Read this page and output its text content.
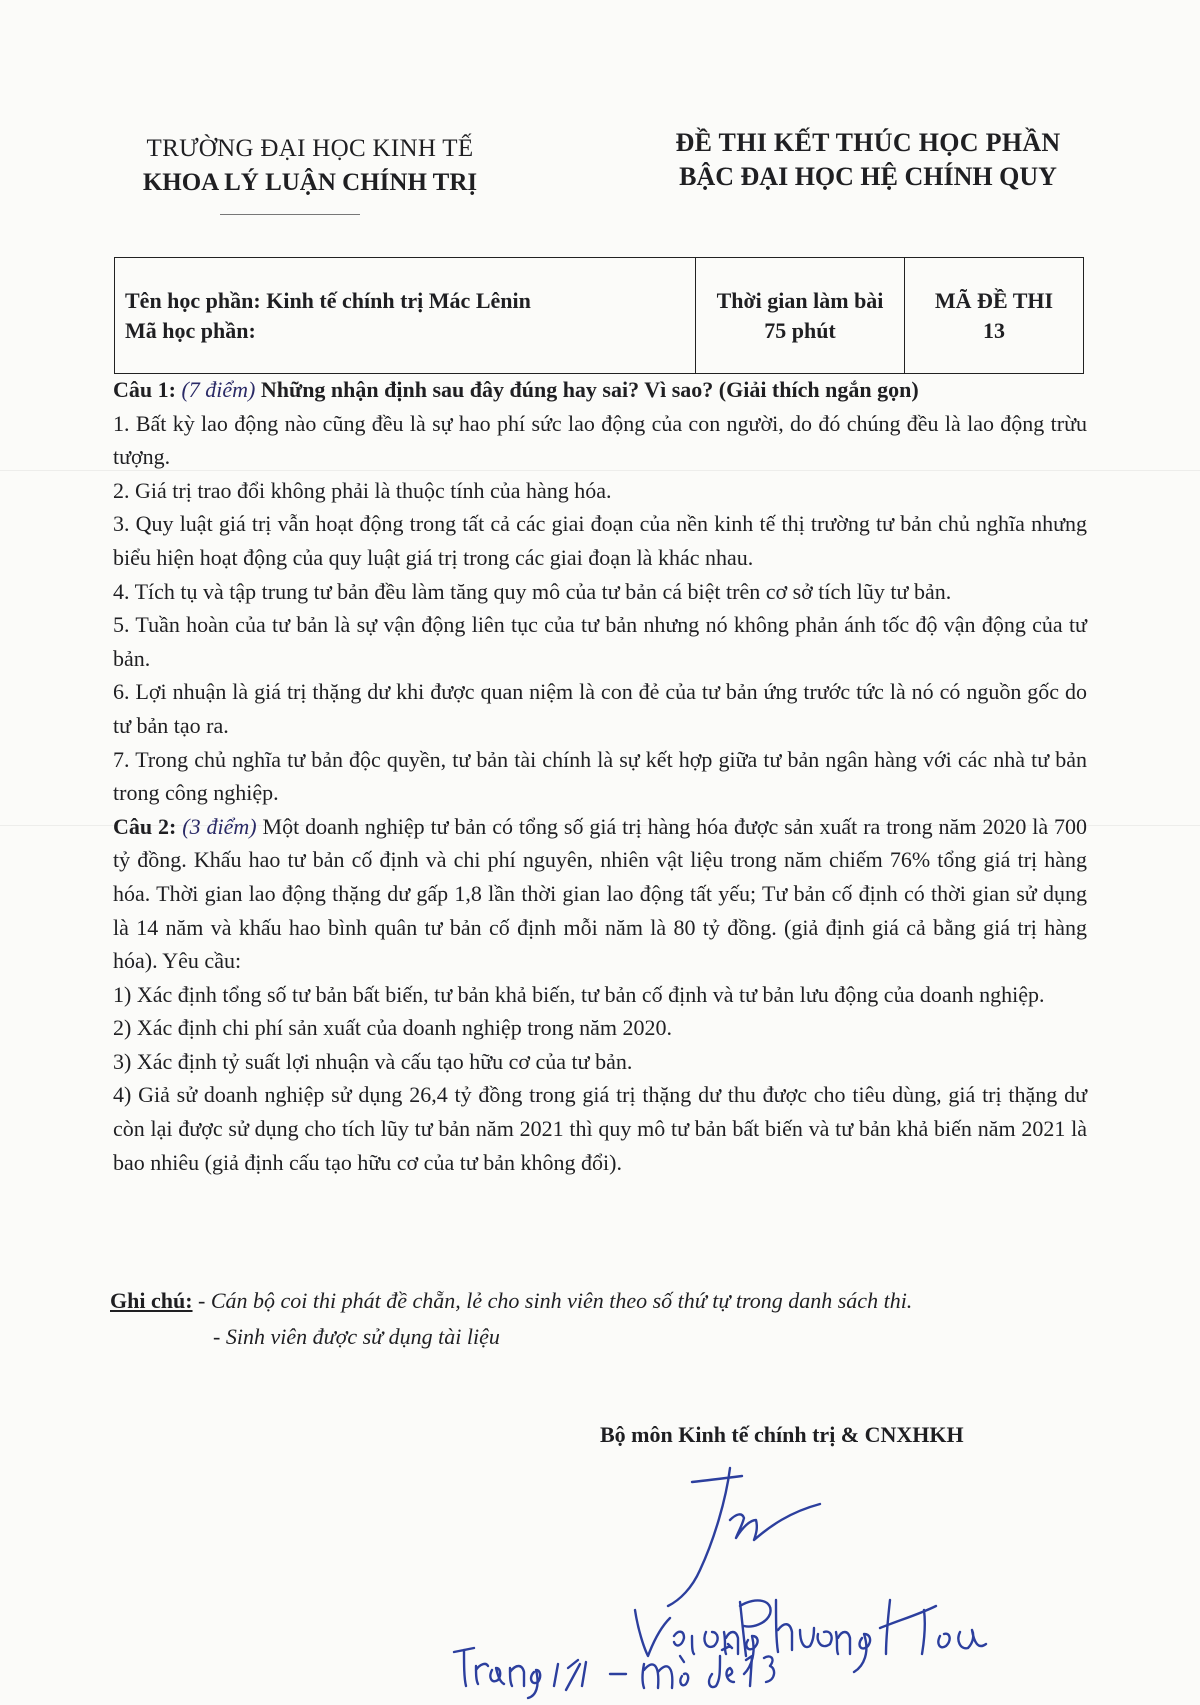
TRƯỜNG ĐẠI HỌC KINH TẾ
KHOA LÝ LUẬN CHÍNH TRỊ
ĐỀ THI KẾT THÚC HỌC PHẦN
BẬC ĐẠI HỌC HỆ CHÍNH QUY
Tên học phần: Kinh tế chính trị Mác Lênin
Mã học phần:

Thời gian làm bài
75 phút

MÃ ĐỀ THI
13

Câu 1: (7 điểm) Những nhận định sau đây đúng hay sai? Vì sao? (Giải thích ngắn gọn)

1. Bất kỳ lao động nào cũng đều là sự hao phí sức lao động của con người, do đó chúng đều là lao động trừu tượng.

2. Giá trị trao đổi không phải là thuộc tính của hàng hóa.

3. Quy luật giá trị vẫn hoạt động trong tất cả các giai đoạn của nền kinh tế thị trường tư bản chủ nghĩa nhưng biểu hiện hoạt động của quy luật giá trị trong các giai đoạn là khác nhau.

4. Tích tụ và tập trung tư bản đều làm tăng quy mô của tư bản cá biệt trên cơ sở tích lũy tư bản.

5. Tuần hoàn của tư bản là sự vận động liên tục của tư bản nhưng nó không phản ánh tốc độ vận động của tư bản.

6. Lợi nhuận là giá trị thặng dư khi được quan niệm là con đẻ của tư bản ứng trước tức là nó có nguồn gốc do tư bản tạo ra.

7. Trong chủ nghĩa tư bản độc quyền, tư bản tài chính là sự kết hợp giữa tư bản ngân hàng với các nhà tư bản trong công nghiệp.

Câu 2: (3 điểm) Một doanh nghiệp tư bản có tổng số giá trị hàng hóa được sản xuất ra trong năm 2020 là 700 tỷ đồng. Khấu hao tư bản cố định và chi phí nguyên, nhiên vật liệu trong năm chiếm 76% tổng giá trị hàng hóa. Thời gian lao động thặng dư gấp 1,8 lần thời gian lao động tất yếu; Tư bản cố định có thời gian sử dụng là 14 năm và khấu hao bình quân tư bản cố định mỗi năm là 80 tỷ đồng. (giả định giá cả bằng giá trị hàng hóa). Yêu cầu:

1) Xác định tổng số tư bản bất biến, tư bản khả biến, tư bản cố định và tư bản lưu động của doanh nghiệp.

2) Xác định chi phí sản xuất của doanh nghiệp trong năm 2020.

3) Xác định tỷ suất lợi nhuận và cấu tạo hữu cơ của tư bản.

4) Giả sử doanh nghiệp sử dụng 26,4 tỷ đồng trong giá trị thặng dư thu được cho tiêu dùng, giá trị thặng dư còn lại được sử dụng cho tích lũy tư bản năm 2021 thì quy mô tư bản bất biến và tư bản khả biến năm 2021 là bao nhiêu (giả định cấu tạo hữu cơ của tư bản không đổi).

Ghi chú: - Cán bộ coi thi phát đề chẵn, lẻ cho sinh viên theo số thứ tự trong danh sách thi.
- Sinh viên được sử dụng tài liệu
Bộ môn Kinh tế chính trị & CNXHKH
